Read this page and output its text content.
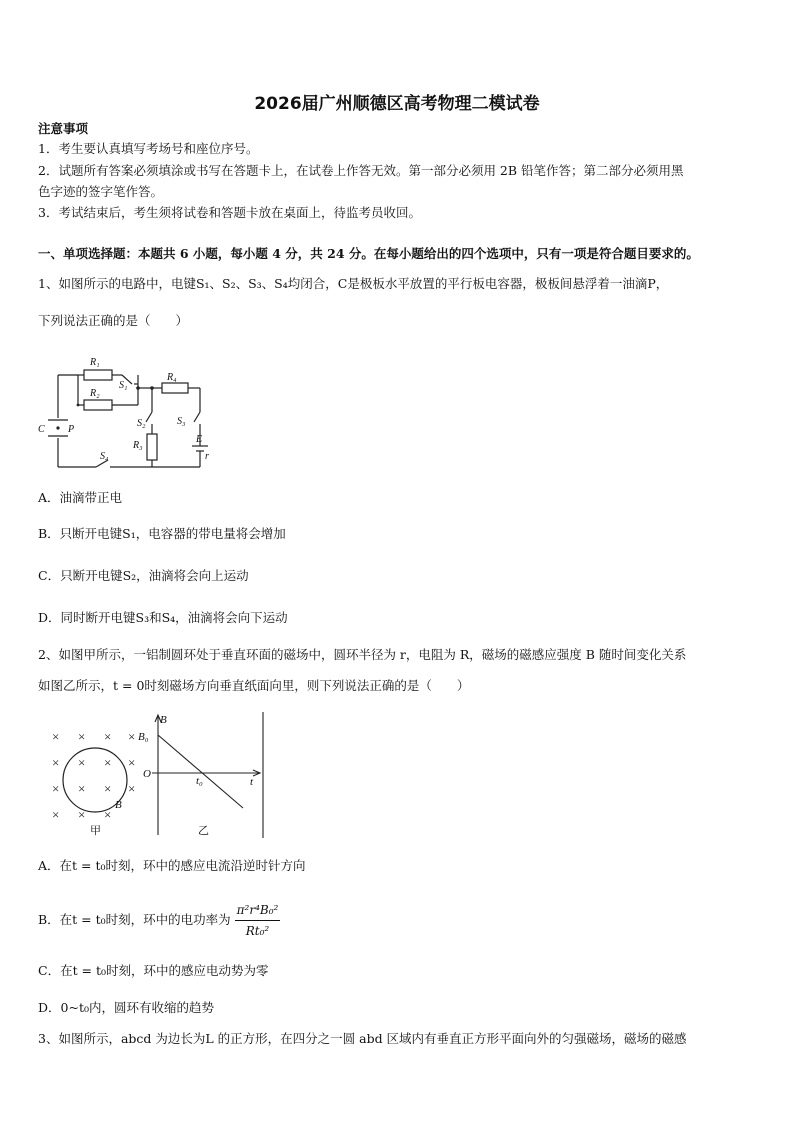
2026届广州顺德区高考物理二模试卷
注意事项
1．考生要认真填写考场号和座位序号。
2．试题所有答案必须填涂或书写在答题卡上，在试卷上作答无效。第一部分必须用 2B 铅笔作答；第二部分必须用黑
色字迹的签字笔作答。
3．考试结束后，考生须将试卷和答题卡放在桌面上，待监考员收回。
一、单项选择题：本题共 6 小题，每小题 4 分，共 24 分。在每小题给出的四个选项中，只有一项是符合题目要求的。
1、如图所示的电路中，电键S₁、S₂、S₃、S₄均闭合，C是极板水平放置的平行板电容器，极板间悬浮着一油滴P，
下列说法正确的是（　　）
R₁
R₂
S₁
R₄
S₂	S₃
R₃
E
r
C P
S₄
A．油滴带正电
B．只断开电键S₁，电容器的带电量将会增加
C．只断开电键S₂，油滴将会向上运动
D．同时断开电键S₃和S₄，油滴将会向下运动
2、如图甲所示，一铝制圆环处于垂直环面的磁场中，圆环半径为 r，电阻为 R，磁场的磁感应强度 B 随时间变化关系
如图乙所示，t = 0时刻磁场方向垂直纸面向里，则下列说法正确的是（　　）
× × × ×
× × × ×
× × × ×
× × ×
B
甲
B
B₀
O
t₀	t
乙
A．在t = t₀时刻，环中的感应电流沿逆时针方向
B．在t = t₀时刻，环中的电功率为 $\frac{\text{π²r⁴B₀²}}{\text{Rt₀²}}$
C．在t = t₀时刻，环中的感应电动势为零
D．0~t₀内，圆环有收缩的趋势
3、如图所示，abcd 为边长为L 的正方形，在四分之一圆 abd 区域内有垂直正方形平面向外的匀强磁场，磁场的磁感
